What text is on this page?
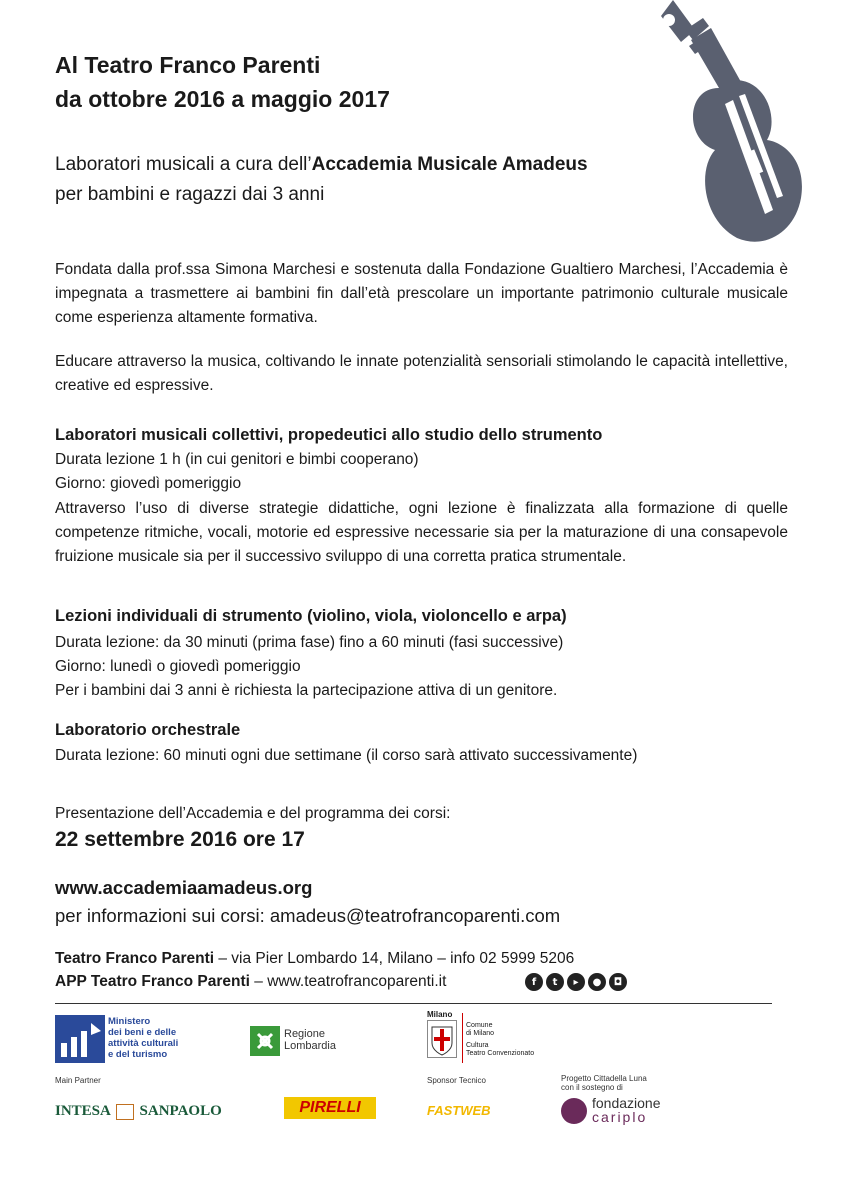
Al Teatro Franco Parenti
da ottobre 2016 a maggio 2017
Laboratori musicali a cura dell’Accademia Musicale Amadeus
per bambini e ragazzi dai 3 anni

Fondata dalla prof.ssa Simona Marchesi e sostenuta dalla Fondazione Gualtiero Marchesi, l’Accademia è impegnata a trasmettere ai bambini fin dall’età prescolare un importante patrimonio culturale musicale come esperienza altamente formativa.

Educare attraverso la musica, coltivando le innate potenzialità sensoriali stimolando le capacità intellettive, creative ed espressive.

Laboratori musicali collettivi, propedeutici allo studio dello strumento
Durata lezione 1 h (in cui genitori e bimbi cooperano)
Giorno: giovedì pomeriggio

Attraverso l’uso di diverse strategie didattiche, ogni lezione è finalizzata alla formazione di quelle competenze ritmiche, vocali, motorie ed espressive necessarie sia per la maturazione di una consapevole fruizione musicale sia per il successivo sviluppo di una corretta pratica strumentale.

Lezioni individuali di strumento (violino, viola, violoncello e arpa)
Durata lezione: da 30 minuti (prima fase) fino a 60 minuti (fasi successive)
Giorno: lunedì o giovedì pomeriggio
Per i bambini dai 3 anni è richiesta la partecipazione attiva di un genitore.
Laboratorio orchestrale
Durata lezione: 60 minuti ogni due settimane (il corso sarà attivato successivamente)
Presentazione dell’Accademia e del programma dei corsi:
22 settembre 2016 ore 17
www.accademiaamadeus.org
per informazioni sui corsi: amadeus@teatrofrancoparenti.com
Teatro Franco Parenti – via Pier Lombardo 14, Milano – info 02 5999 5206
APP Teatro Franco Parenti – www.teatrofrancoparenti.it	f	t	▸	●	◘
Ministero
dei beni e delle
attività culturali
e del turismo
Regione
Lombardia
Milano
Comune
di Milano
Cultura
Teatro Convenzionato
Main Partner	Sponsor Tecnico	Progetto Cittadella Luna
con il sostegno di
INTESA SANPAOLO	PIRELLI	FASTWEB	fondazione
cariplo
